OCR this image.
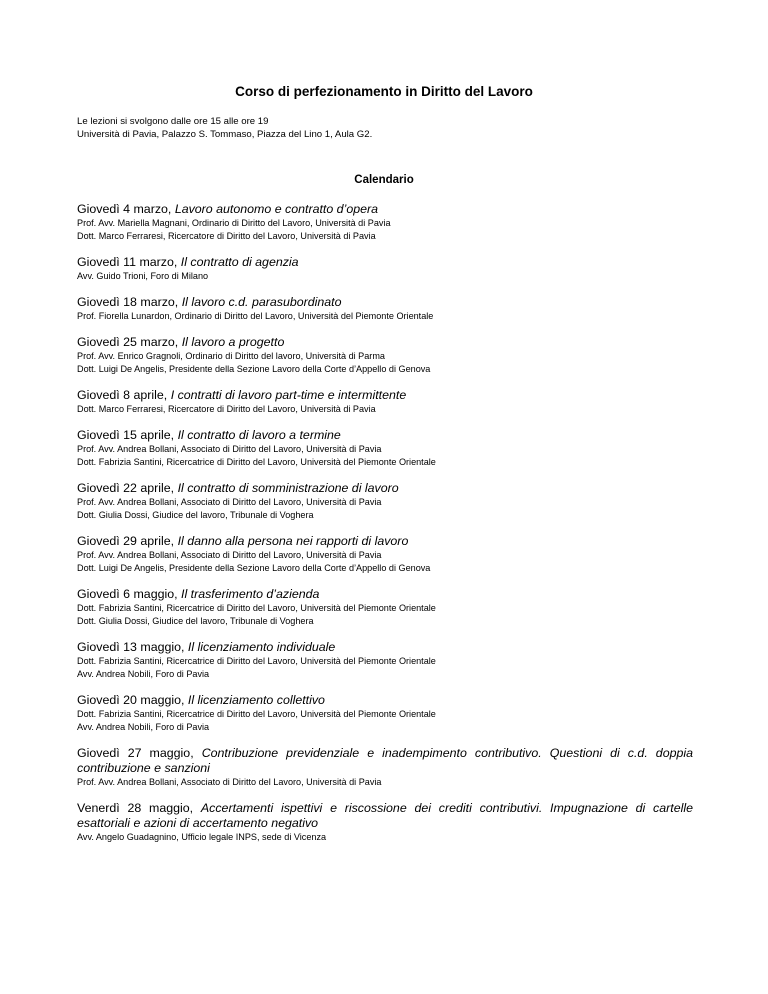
Corso di perfezionamento in Diritto del Lavoro
Le lezioni si svolgono dalle ore 15 alle ore 19
Università di Pavia, Palazzo S. Tommaso, Piazza del Lino 1, Aula G2.
Calendario
Giovedì 4 marzo, Lavoro autonomo e contratto d’opera
Prof. Avv. Mariella Magnani, Ordinario di Diritto del Lavoro, Università di Pavia
Dott. Marco Ferraresi, Ricercatore di Diritto del Lavoro, Università di Pavia
Giovedì 11 marzo, Il contratto di agenzia
Avv. Guido Trioni, Foro di Milano
Giovedì 18 marzo, Il lavoro c.d. parasubordinato
Prof. Fiorella Lunardon, Ordinario di Diritto del Lavoro, Università del Piemonte Orientale
Giovedì 25 marzo, Il lavoro a progetto
Prof. Avv. Enrico Gragnoli, Ordinario di Diritto del lavoro, Università di Parma
Dott. Luigi De Angelis, Presidente della Sezione Lavoro della Corte d’Appello di Genova
Giovedì 8 aprile, I contratti di lavoro part-time e intermittente
Dott. Marco Ferraresi, Ricercatore di Diritto del Lavoro, Università di Pavia
Giovedì 15 aprile, Il contratto di lavoro a termine
Prof. Avv. Andrea Bollani, Associato di Diritto del Lavoro, Università di Pavia
Dott. Fabrizia Santini, Ricercatrice di Diritto del Lavoro, Università del Piemonte Orientale
Giovedì 22 aprile, Il contratto di somministrazione di lavoro
Prof. Avv. Andrea Bollani, Associato di Diritto del Lavoro, Università di Pavia
Dott. Giulia Dossi, Giudice del lavoro, Tribunale di Voghera
Giovedì 29 aprile, Il danno alla persona nei rapporti di lavoro
Prof. Avv. Andrea Bollani, Associato di Diritto del Lavoro, Università di Pavia
Dott. Luigi De Angelis, Presidente della Sezione Lavoro della Corte d’Appello di Genova
Giovedì 6 maggio, Il trasferimento d’azienda
Dott. Fabrizia Santini, Ricercatrice di Diritto del Lavoro, Università del Piemonte Orientale
Dott. Giulia Dossi, Giudice del lavoro, Tribunale di Voghera
Giovedì 13 maggio, Il licenziamento individuale
Dott. Fabrizia Santini, Ricercatrice di Diritto del Lavoro, Università del Piemonte Orientale
Avv. Andrea Nobili, Foro di Pavia
Giovedì 20 maggio, Il licenziamento collettivo
Dott. Fabrizia Santini, Ricercatrice di Diritto del Lavoro, Università del Piemonte Orientale
Avv. Andrea Nobili, Foro di Pavia
Giovedì 27 maggio, Contribuzione previdenziale e inadempimento contributivo. Questioni di c.d. doppia contribuzione e sanzioni
Prof. Avv. Andrea Bollani, Associato di Diritto del Lavoro, Università di Pavia
Venerdì 28 maggio, Accertamenti ispettivi e riscossione dei crediti contributivi. Impugnazione di cartelle esattoriali e azioni di accertamento negativo
Avv. Angelo Guadagnino, Ufficio legale INPS, sede di Vicenza
